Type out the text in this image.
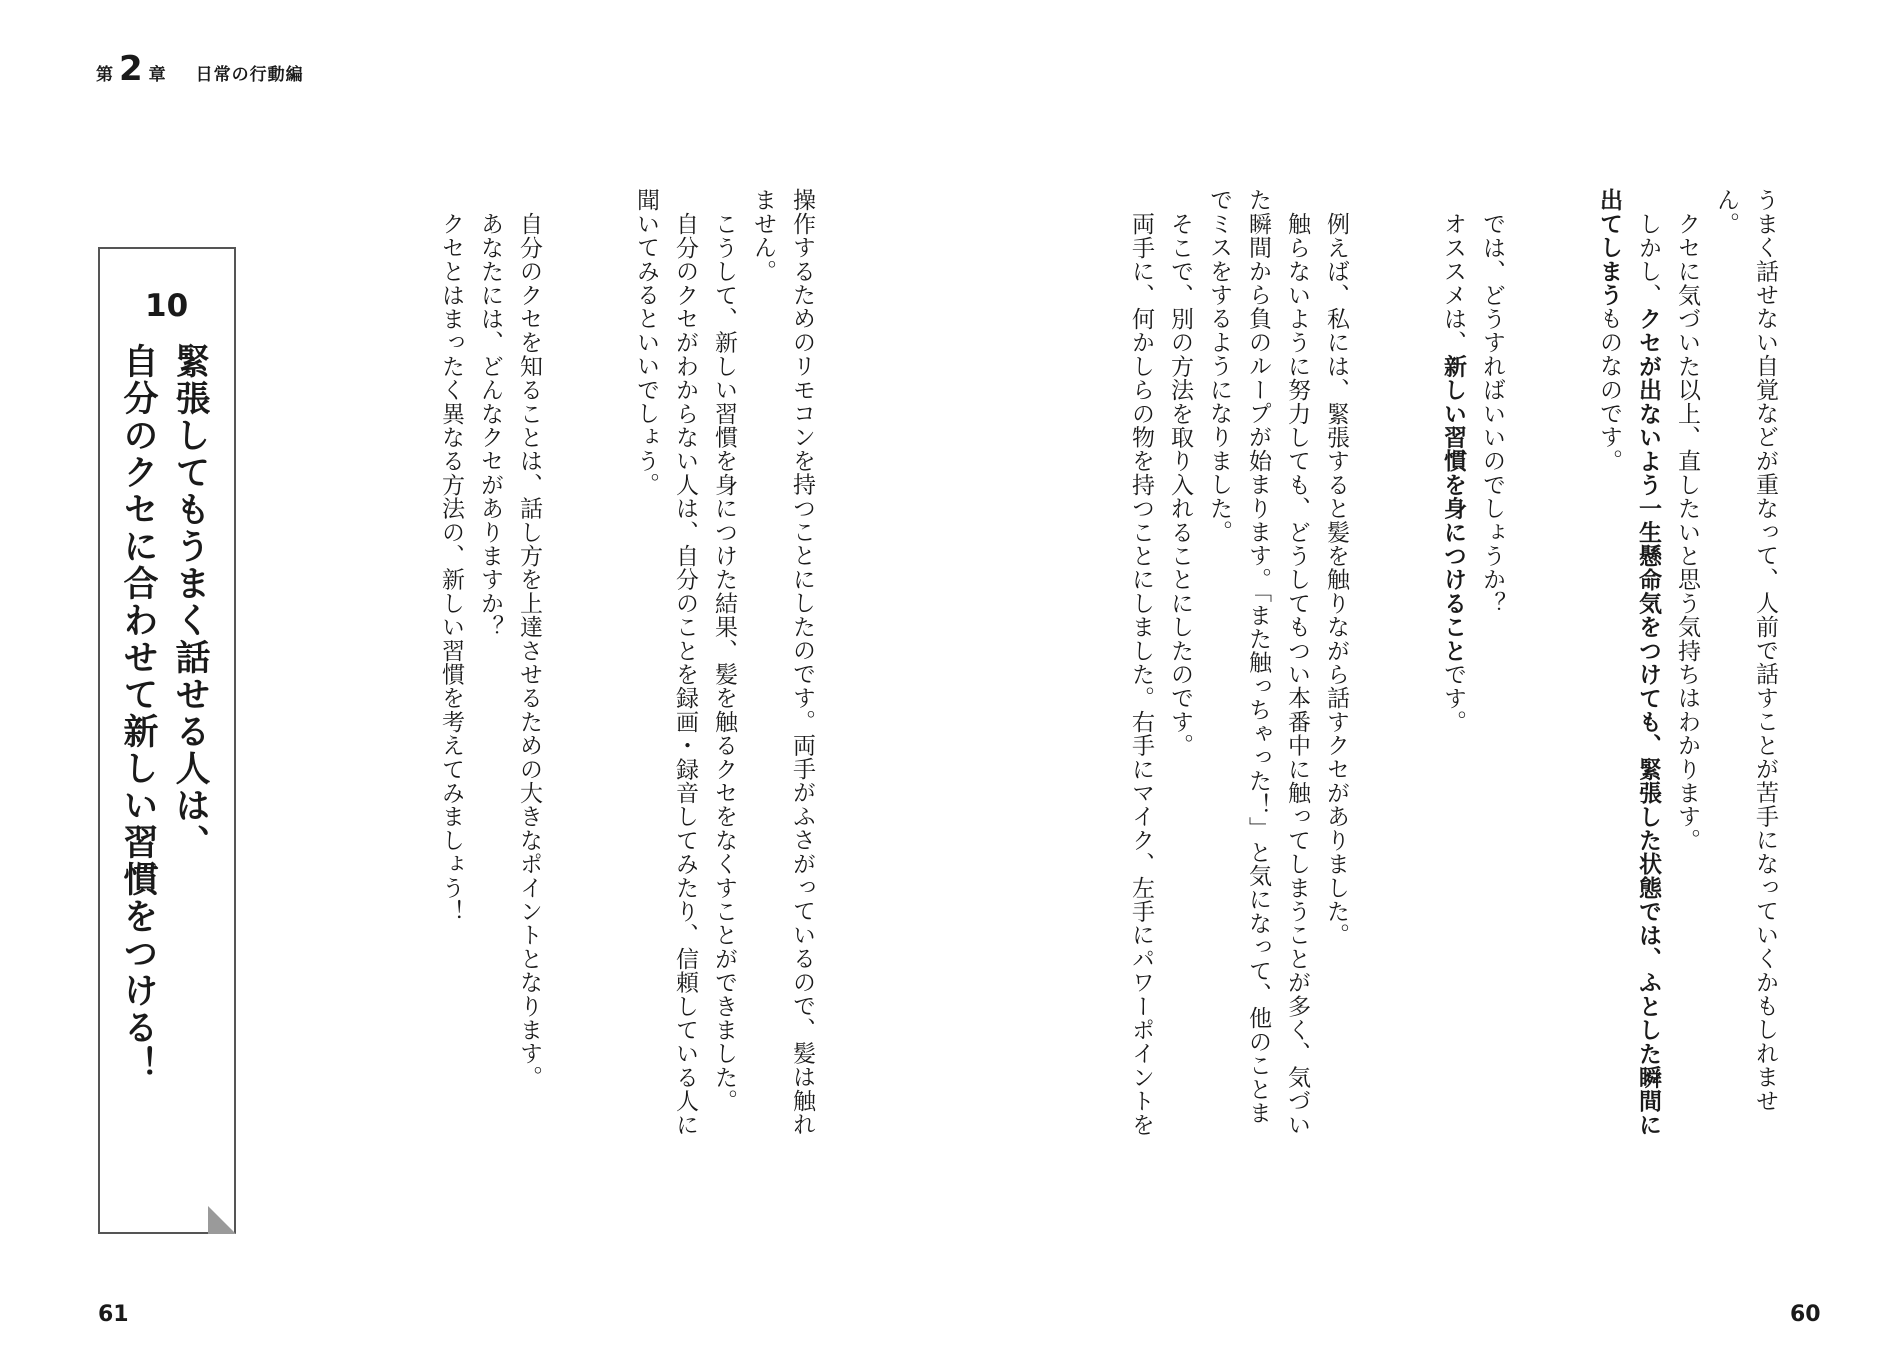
第 2 章 日常の行動編
61	60
10
緊張してもうまく話せる人は、
自分のクセに合わせて新しい習慣をつける！	うまく話せない自覚などが重なって、人前で話すことが苦手になっていくかもしれませ
ん。
クセに気づいた以上、直したいと思う気持ちはわかります。
しかし、クセが出ないよう一生懸命気をつけても、緊張した状態では、ふとした瞬間に
出てしまうものなのです。
では、どうすればいいのでしょうか？
オススメは、新しい習慣を身につけることです。
例えば、私には、緊張すると髪を触りながら話すクセがありました。
触らないように努力しても、どうしてもつい本番中に触ってしまうことが多く、気づい
た瞬間から負のループが始まります。「また触っちゃった！」と気になって、他のことま
でミスをするようになりました。
そこで、別の方法を取り入れることにしたのです。
両手に、何かしらの物を持つことにしました。右手にマイク、左手にパワーポイントを
操作するためのリモコンを持つことにしたのです。両手がふさがっているので、髪は触れ
ません。
こうして、新しい習慣を身につけた結果、髪を触るクセをなくすことができました。
自分のクセがわからない人は、自分のことを録画・録音してみたり、信頼している人に
聞いてみるといいでしょう。
自分のクセを知ることは、話し方を上達させるための大きなポイントとなります。
あなたには、どんなクセがありますか？
クセとはまったく異なる方法の、新しい習慣を考えてみましょう！
